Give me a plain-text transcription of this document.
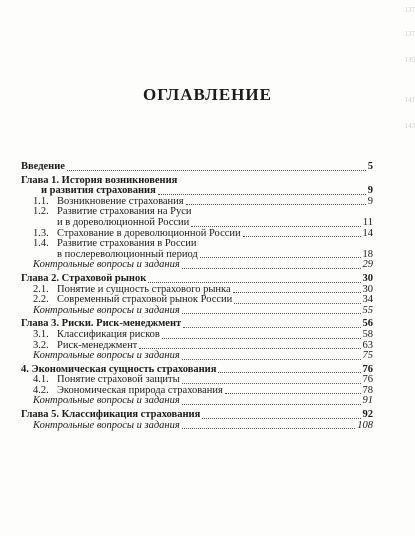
137
137
139
141
143
ОГЛАВЛЕНИЕ
Введение	5
Глава 1. История возникновения
и развития страхования	9
1.1. Возникновение страхования	9
1.2. Развитие страхования на Руси
и в дореволюционной России	11
1.3. Страхование в дореволюционной России	14
1.4. Развитие страхования в России
в послереволюционный период	18
Контрольные вопросы и задания	29
Глава 2. Страховой рынок	30
2.1. Понятие и сущность страхового рынка	30
2.2. Современный страховой рынок России	34
Контрольные вопросы и задания	55
Глава 3. Риски. Риск-менеджмент	56
3.1. Классификация рисков	58
3.2. Риск-менеджмент	63
Контрольные вопросы и задания	75
4. Экономическая сущность страхования	76
4.1. Понятие страховой защиты	76
4.2. Экономическая природа страхования	78
Контрольные вопросы и задания	91
Глава 5. Классификация страхования	92
Контрольные вопросы и задания	108
